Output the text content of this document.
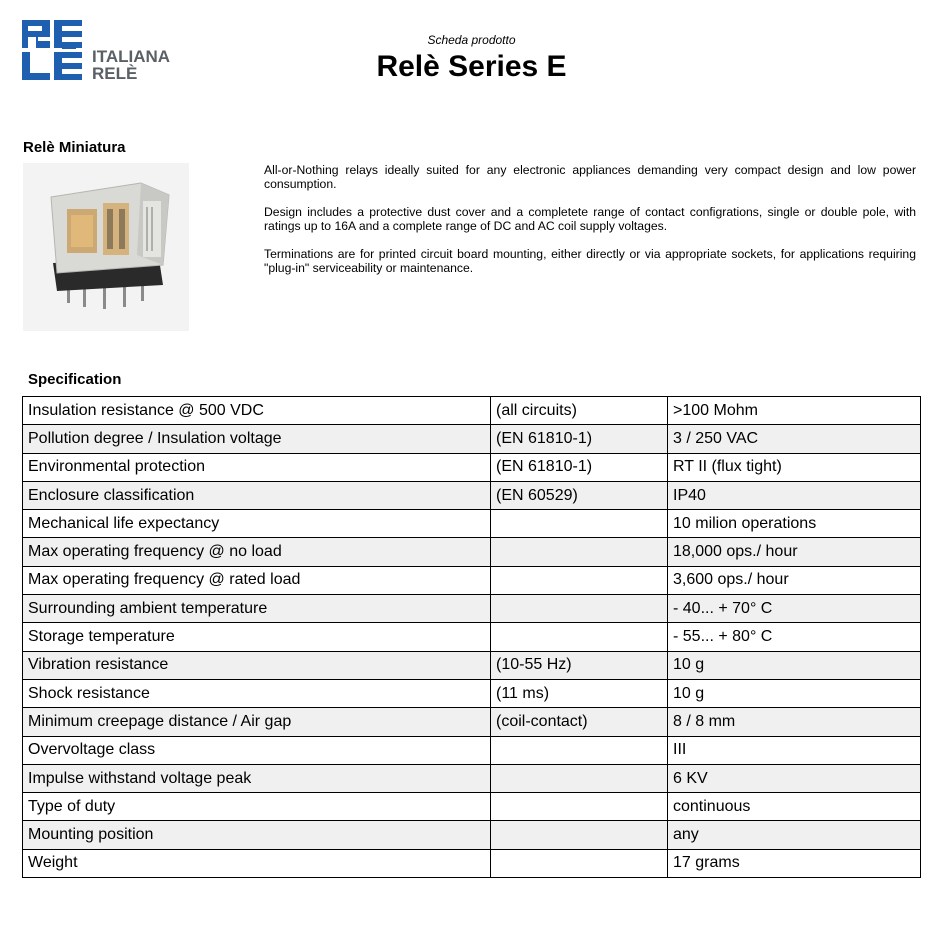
ITALIANA
RELÈ
Scheda prodotto
Relè Series E
Relè Miniatura

All-or-Nothing relays ideally suited for any electronic appliances demanding very compact design and low power consumption.

Design includes a protective dust cover and a completete range of contact configrations, single or double pole, with ratings up to 16A and a complete range of DC and AC coil supply voltages.

Terminations are for printed circuit board mounting, either directly or via appropriate sockets, for applications requiring "plug-in" serviceability or maintenance.

Specification
Insulation resistance @ 500 VDC	(all circuits)	>100 Mohm
Pollution degree / Insulation voltage	(EN 61810-1)	3 / 250 VAC
Environmental protection	(EN 61810-1)	RT II (flux tight)
Enclosure classification	(EN 60529)	IP40
Mechanical life expectancy		10 milion operations
Max operating frequency @ no load		18,000 ops./ hour
Max operating frequency @ rated load		3,600 ops./ hour
Surrounding ambient temperature		- 40... + 70° C
Storage temperature		- 55... + 80° C
Vibration resistance	(10-55 Hz)	10 g
Shock resistance	(11 ms)	10 g
Minimum creepage distance / Air gap	(coil-contact)	8 / 8 mm
Overvoltage class		III
Impulse withstand voltage peak		6 KV
Type of duty		continuous
Mounting position		any
Weight		17 grams
